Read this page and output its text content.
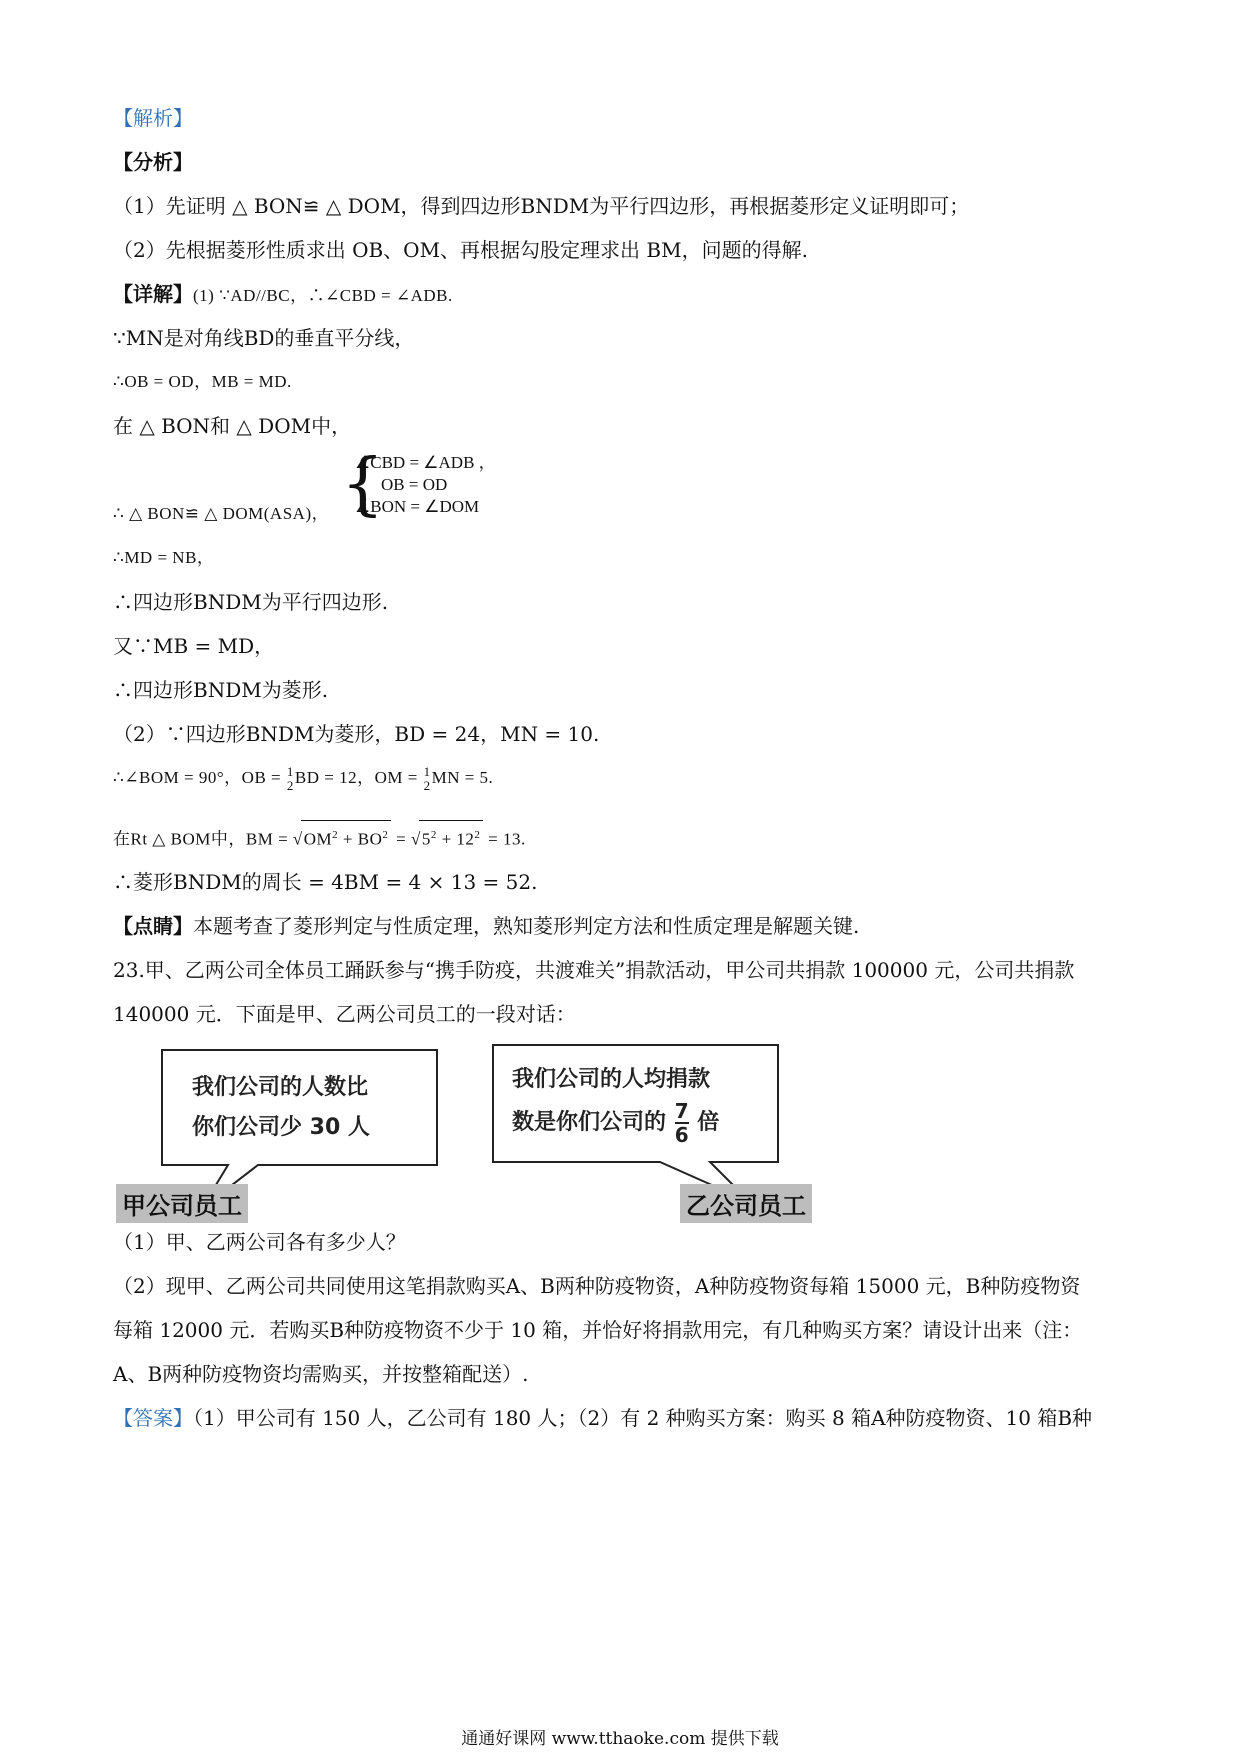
【解析】
【分析】
（1）先证明 △ BON≌ △ DOM，得到四边形BNDM为平行四边形，再根据菱形定义证明即可；
（2）先根据菱形性质求出 OB、OM、再根据勾股定理求出 BM，问题的得解.
【详解】(1) ∵AD//BC，∴∠CBD = ∠ADB.
∵MN是对角线BD的垂直平分线，
∴OB = OD，MB = MD.
在 △ BON和 △ DOM中，
{
∠CBD = ∠ADB ，
OB = OD
∠BON = ∠DOM
∴ △ BON≌ △ DOM(ASA)，
∴MD = NB，
∴四边形BNDM为平行四边形.
又∵MB = MD，
∴四边形BNDM为菱形.
（2）∵四边形BNDM为菱形，BD = 24，MN = 10.
∴∠BOM = 90°，OB = 1
2 BD = 12，OM = 1
2 MN = 5.
在Rt △ BOM中，BM = $√OM^2 + BO^2 = √5^2 + 12^2 = 13$.
∴菱形BNDM的周长 = 4BM = 4 × 13 = 52.
【点睛】本题考查了菱形判定与性质定理，熟知菱形判定方法和性质定理是解题关键.
23.甲、乙两公司全体员工踊跃参与“携手防疫，共渡难关”捐款活动，甲公司共捐款 100000 元，公司共捐款
140000 元．下面是甲、乙两公司员工的一段对话：
我们公司的人数比
你们公司少 30 人
我们公司的人均捐款
数是你们公司的 $\frac{7}{6}$ 倍
甲公司员工	乙公司员工
（1）甲、乙两公司各有多少人？
（2）现甲、乙两公司共同使用这笔捐款购买A、B两种防疫物资，A种防疫物资每箱 15000 元，B种防疫物资
每箱 12000 元．若购买B种防疫物资不少于 10 箱，并恰好将捐款用完，有几种购买方案？请设计出来（注：
A、B两种防疫物资均需购买，并按整箱配送）.
【答案】（1）甲公司有 150 人，乙公司有 180 人；（2）有 2 种购买方案：购买 8 箱A种防疫物资、10 箱B种
通通好课网 www.tthaoke.com 提供下载
